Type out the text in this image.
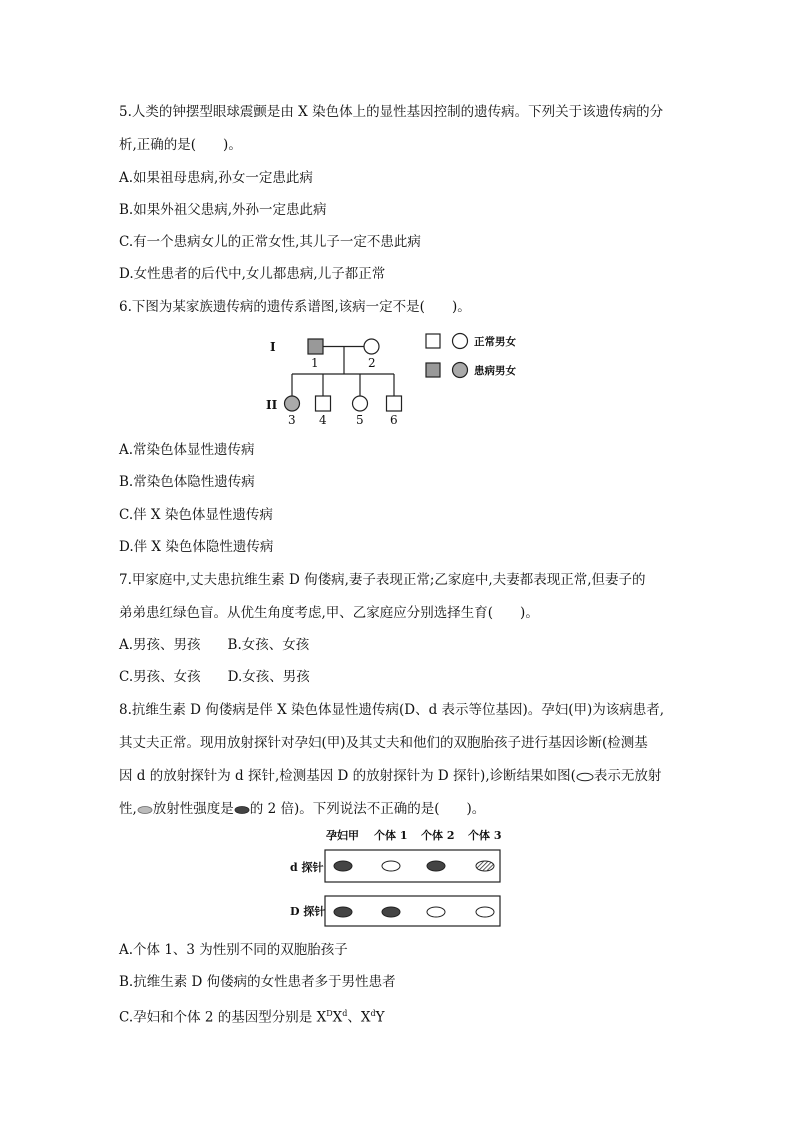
5.人类的钟摆型眼球震颤是由 X 染色体上的显性基因控制的遗传病。下列关于该遗传病的分
析,正确的是(　　)。
A.如果祖母患病,孙女一定患此病
B.如果外祖父患病,外孙一定患此病
C.有一个患病女儿的正常女性,其儿子一定不患此病
D.女性患者的后代中,女儿都患病,儿子都正常
6.下图为某家族遗传病的遗传系谱图,该病一定不是(　　)。
I
II
1	2
3 4 5 6
正常男女
患病男女
A.常染色体显性遗传病
B.常染色体隐性遗传病
C.伴 X 染色体显性遗传病
D.伴 X 染色体隐性遗传病
7.甲家庭中,丈夫患抗维生素 D 佝偻病,妻子表现正常;乙家庭中,夫妻都表现正常,但妻子的
弟弟患红绿色盲。从优生角度考虑,甲、乙家庭应分别选择生育(　　)。
A.男孩、男孩　　B.女孩、女孩
C.男孩、女孩　　D.女孩、男孩
8.抗维生素 D 佝偻病是伴 X 染色体显性遗传病(D、d 表示等位基因)。孕妇(甲)为该病患者,
其丈夫正常。现用放射探针对孕妇(甲)及其丈夫和他们的双胞胎孩子进行基因诊断(检测基
因 d 的放射探针为 d 探针,检测基因 D 的放射探针为 D 探针),诊断结果如图( 表示无放射
性, 放射性强度是 的 2 倍)。下列说法不正确的是(　　)。
孕妇甲 个体 1 个体 2 个体 3
d 探针
D 探针
A.个体 1、3 为性别不同的双胞胎孩子
B.抗维生素 D 佝偻病的女性患者多于男性患者
C.孕妇和个体 2 的基因型分别是 $X^DX^d$、$X^dY$
